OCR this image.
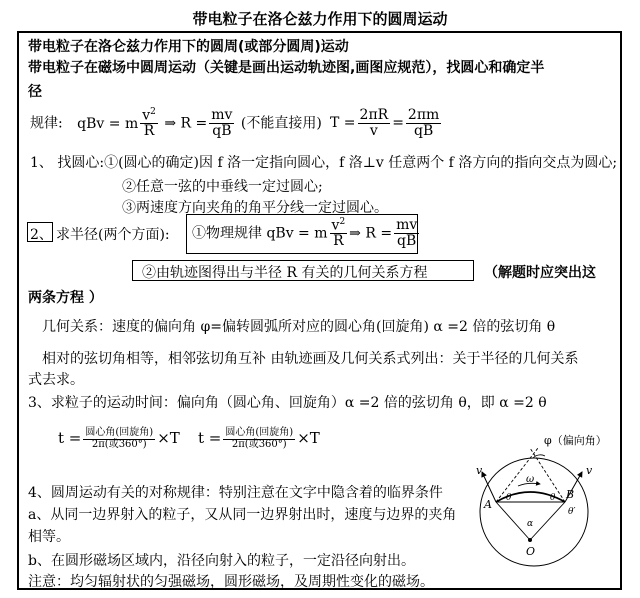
带电粒子在洛仑兹力作用下的圆周运动
带电粒子在洛仑兹力作用下的圆周(或部分圆周)运动
带电粒子在磁场中圆周运动（关键是画出运动轨迹图,画图应规范），找圆心和确定半
径
规律: qBv = m $\frac{v^2}{R}$ ⇒ $R = \frac{mv}{qB}$ (不能直接用) $T = \frac{2\pi R}{v} = \frac{2\pi m}{qB}$
1、 找圆心:①(圆心的确定)因 f 洛一定指向圆心，f 洛⊥v 任意两个 f 洛方向的指向交点为圆心;
②任意一弦的中垂线一定过圆心;
③两速度方向夹角的角平分线一定过圆心。
2、 求半径(两个方面): ①物理规律 qBv = m $\frac{v^2}{R}$ ⇒ $R = \frac{mv}{qB}$
②由轨迹图得出与半径 R 有关的几何关系方程	（解题时应突出这
两条方程 ）
几何关系：速度的偏向角 φ=偏转圆弧所对应的圆心角(回旋角) α =2 倍的弦切角 θ
相对的弦切角相等，相邻弦切角互补 由轨迹画及几何关系式列出：关于半径的几何关系
式去求。
3、求粒子的运动时间：偏向角（圆心角、回旋角）α =2 倍的弦切角 θ，即 α =2 θ
$t = \frac{\text{圆心角(回旋角)}}{\text{2π(或360°)}} \times T$ $t = \frac{\text{圆心角(回旋角)}}{\text{2π(或360°)}} \times T$
4、圆周运动有关的对称规律：特别注意在文字中隐含着的临界条件
a、从同一边界射入的粒子，又从同一边界射出时，速度与边界的夹角
相等。
b、在圆形磁场区域内，沿径向射入的粒子，一定沿径向射出。
注意：均匀辐射状的匀强磁场，圆形磁场，及周期性变化的磁场。
φ（偏向角）
v	v
ω
A
B
O
θ	θ
θ′
α
